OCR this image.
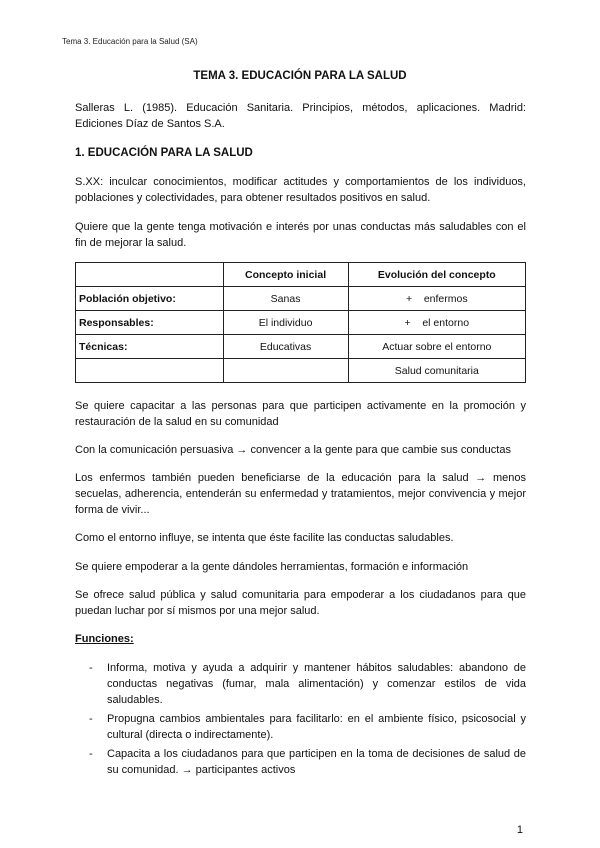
Tema 3. Educación para la Salud (SA)
TEMA 3. EDUCACIÓN PARA LA SALUD

Salleras L. (1985). Educación Sanitaria. Principios, métodos, aplicaciones. Madrid: Ediciones Díaz de Santos S.A.

1. EDUCACIÓN PARA LA SALUD

S.XX: inculcar conocimientos, modificar actitudes y comportamientos de los individuos, poblaciones y colectividades, para obtener resultados positivos en salud.

Quiere que la gente tenga motivación e interés por unas conductas más saludables con el fin de mejorar la salud.

	Concepto inicial	Evolución del concepto
Población objetivo:	Sanas	+    enfermos
Responsables:	El individuo	+    el entorno
Técnicas:	Educativas	Actuar sobre el entorno
		Salud comunitaria

Se quiere capacitar a las personas para que participen activamente en la promoción y restauración de la salud en su comunidad

Con la comunicación persuasiva → convencer a la gente para que cambie sus conductas

Los enfermos también pueden beneficiarse de la educación para la salud → menos secuelas, adherencia, entenderán su enfermedad y tratamientos, mejor convivencia y mejor forma de vivir...

Como el entorno influye, se intenta que éste facilite las conductas saludables.

Se quiere empoderar a la gente dándoles herramientas, formación e información

Se ofrece salud pública y salud comunitaria para empoderar a los ciudadanos para que puedan luchar por sí mismos por una mejor salud.

Funciones:

- Informa, motiva y ayuda a adquirir y mantener hábitos saludables: abandono de conductas negativas (fumar, mala alimentación) y comenzar estilos de vida saludables.
- Propugna cambios ambientales para facilitarlo: en el ambiente físico, psicosocial y cultural (directa o indirectamente).
- Capacita a los ciudadanos para que participen en la toma de decisiones de salud de su comunidad. → participantes activos
1
